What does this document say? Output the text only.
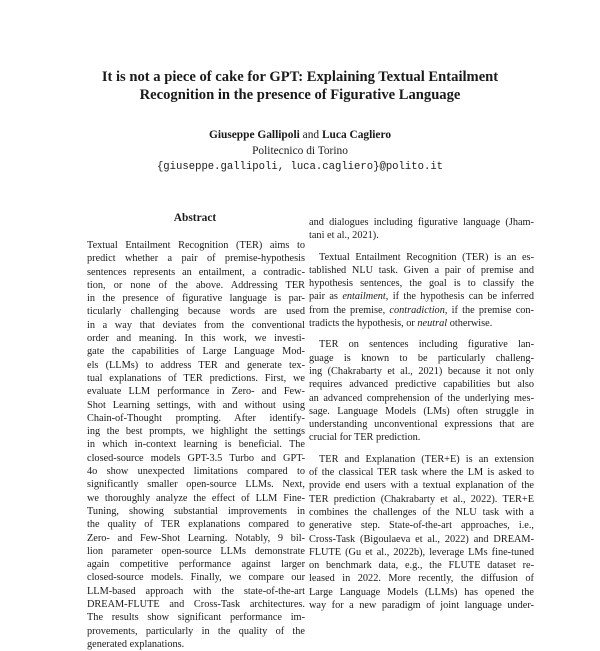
It is not a piece of cake for GPT: Explaining Textual Entailment
Recognition in the presence of Figurative Language
Giuseppe Gallipoli and Luca Cagliero
Politecnico di Torino
{giuseppe.gallipoli, luca.cagliero}@polito.it
Abstract
Textual Entailment Recognition (TER) aims to
predict whether a pair of premise-hypothesis
sentences represents an entailment, a contradic-
tion, or none of the above. Addressing TER
in the presence of figurative language is par-
ticularly challenging because words are used
in a way that deviates from the conventional
order and meaning. In this work, we investi-
gate the capabilities of Large Language Mod-
els (LLMs) to address TER and generate tex-
tual explanations of TER predictions. First, we
evaluate LLM performance in Zero- and Few-
Shot Learning settings, with and without using
Chain-of-Thought prompting. After identify-
ing the best prompts, we highlight the settings
in which in-context learning is beneficial. The
closed-source models GPT-3.5 Turbo and GPT-
4o show unexpected limitations compared to
significantly smaller open-source LLMs. Next,
we thoroughly analyze the effect of LLM Fine-
Tuning, showing substantial improvements in
the quality of TER explanations compared to
Zero- and Few-Shot Learning. Notably, 9 bil-
lion parameter open-source LLMs demonstrate
again competitive performance against larger
closed-source models. Finally, we compare our
LLM-based approach with the state-of-the-art
DREAM-FLUTE and Cross-Task architectures.
The results show significant performance im-
provements, particularly in the quality of the
generated explanations.
and dialogues including figurative language (Jham-
tani et al., 2021).
Textual Entailment Recognition (TER) is an es-
tablished NLU task. Given a pair of premise and
hypothesis sentences, the goal is to classify the
pair as entailment, if the hypothesis can be inferred
from the premise, contradiction, if the premise con-
tradicts the hypothesis, or neutral otherwise.
TER on sentences including figurative lan-
guage is known to be particularly challeng-
ing (Chakrabarty et al., 2021) because it not only
requires advanced predictive capabilities but also
an advanced comprehension of the underlying mes-
sage. Language Models (LMs) often struggle in
understanding unconventional expressions that are
crucial for TER prediction.
TER and Explanation (TER+E) is an extension
of the classical TER task where the LM is asked to
provide end users with a textual explanation of the
TER prediction (Chakrabarty et al., 2022). TER+E
combines the challenges of the NLU task with a
generative step. State-of-the-art approaches, i.e.,
Cross-Task (Bigoulaeva et al., 2022) and DREAM-
FLUTE (Gu et al., 2022b), leverage LMs fine-tuned
on benchmark data, e.g., the FLUTE dataset re-
leased in 2022. More recently, the diffusion of
Large Language Models (LLMs) has opened the
way for a new paradigm of joint language under-
